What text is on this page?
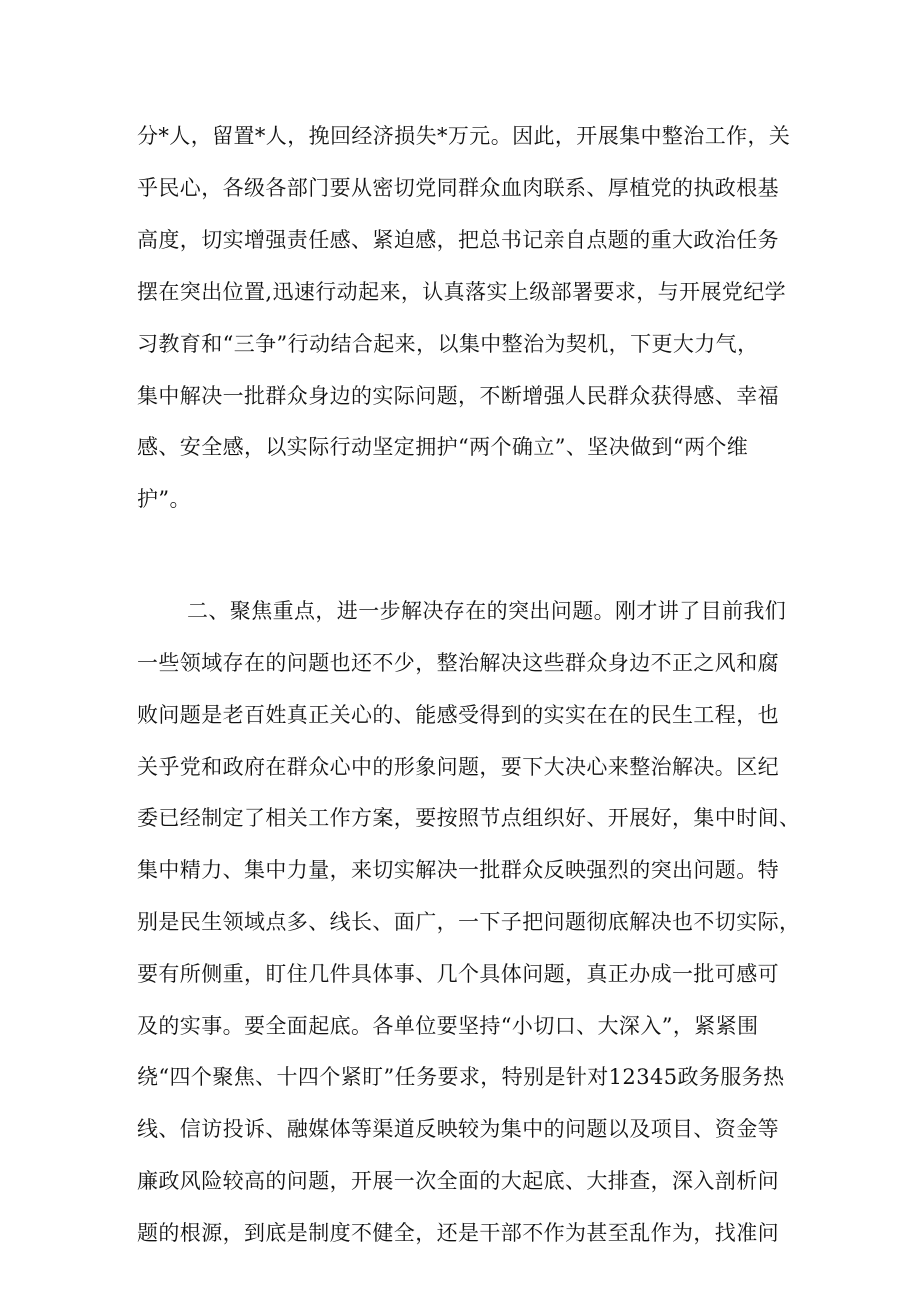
分*人，留置*人，挽回经济损失*万元。因此，开展集中整治工作，关
乎民心，各级各部门要从密切党同群众血肉联系、厚植党的执政根基
高度，切实增强责任感、紧迫感，把总书记亲自点题的重大政治任务
摆在突出位置,迅速行动起来，认真落实上级部署要求，与开展党纪学
习教育和“三争”行动结合起来，以集中整治为契机，下更大力气，
集中解决一批群众身边的实际问题，不断增强人民群众获得感、幸福
感、安全感，以实际行动坚定拥护“两个确立”、坚决做到“两个维
护”。
二、聚焦重点，进一步解决存在的突出问题。刚才讲了目前我们
一些领域存在的问题也还不少，整治解决这些群众身边不正之风和腐
败问题是老百姓真正关心的、能感受得到的实实在在的民生工程，也
关乎党和政府在群众心中的形象问题，要下大决心来整治解决。区纪
委已经制定了相关工作方案，要按照节点组织好、开展好，集中时间、
集中精力、集中力量，来切实解决一批群众反映强烈的突出问题。特
别是民生领域点多、线长、面广，一下子把问题彻底解决也不切实际，
要有所侧重，盯住几件具体事、几个具体问题，真正办成一批可感可
及的实事。要全面起底。各单位要坚持“小切口、大深入”，紧紧围
绕“四个聚焦、十四个紧盯”任务要求，特别是针对12345政务服务热
线、信访投诉、融媒体等渠道反映较为集中的问题以及项目、资金等
廉政风险较高的问题，开展一次全面的大起底、大排查，深入剖析问
题的根源，到底是制度不健全，还是干部不作为甚至乱作为，找准问
